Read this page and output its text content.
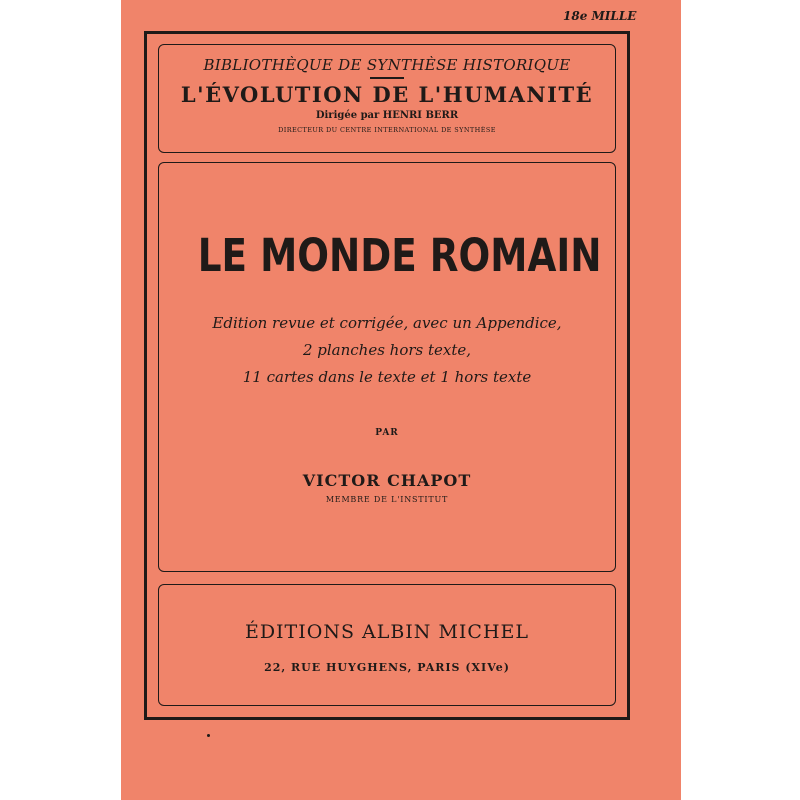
18e MILLE
BIBLIOTHÈQUE DE SYNTHÈSE HISTORIQUE
L'ÉVOLUTION DE L'HUMANITÉ
Dirigée par HENRI BERR
DIRECTEUR DU CENTRE INTERNATIONAL DE SYNTHÈSE
LE MONDE ROMAIN
Edition revue et corrigée, avec un Appendice,
2 planches hors texte,
11 cartes dans le texte et 1 hors texte
PAR
VICTOR CHAPOT
MEMBRE DE L'INSTITUT
ÉDITIONS ALBIN MICHEL
22, RUE HUYGHENS, PARIS (XIVe)
